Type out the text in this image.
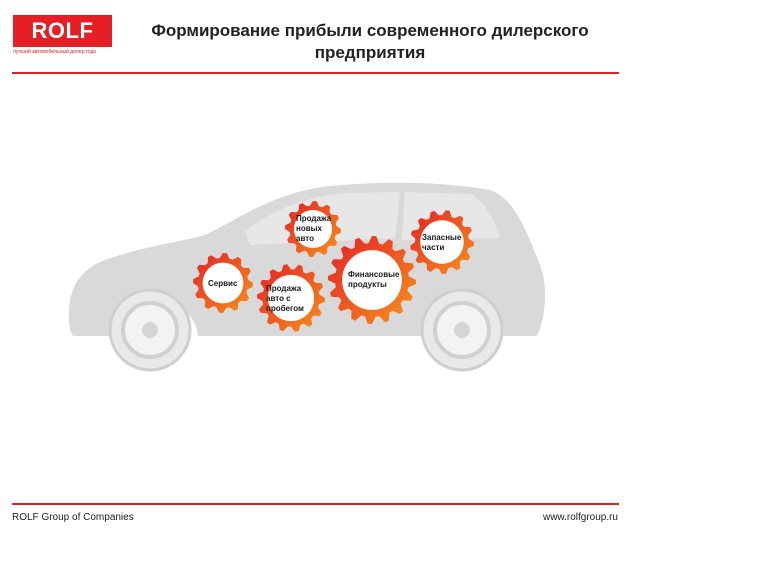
ROLF
лучший автомобильный дилер года
Формирование прибыли современного дилерского предприятия
Сервис
Продажа новых авто
Продажа авто с пробегом
Финансовые продукты
Запасные части
ROLF Group of Companies	www.rolfgroup.ru
